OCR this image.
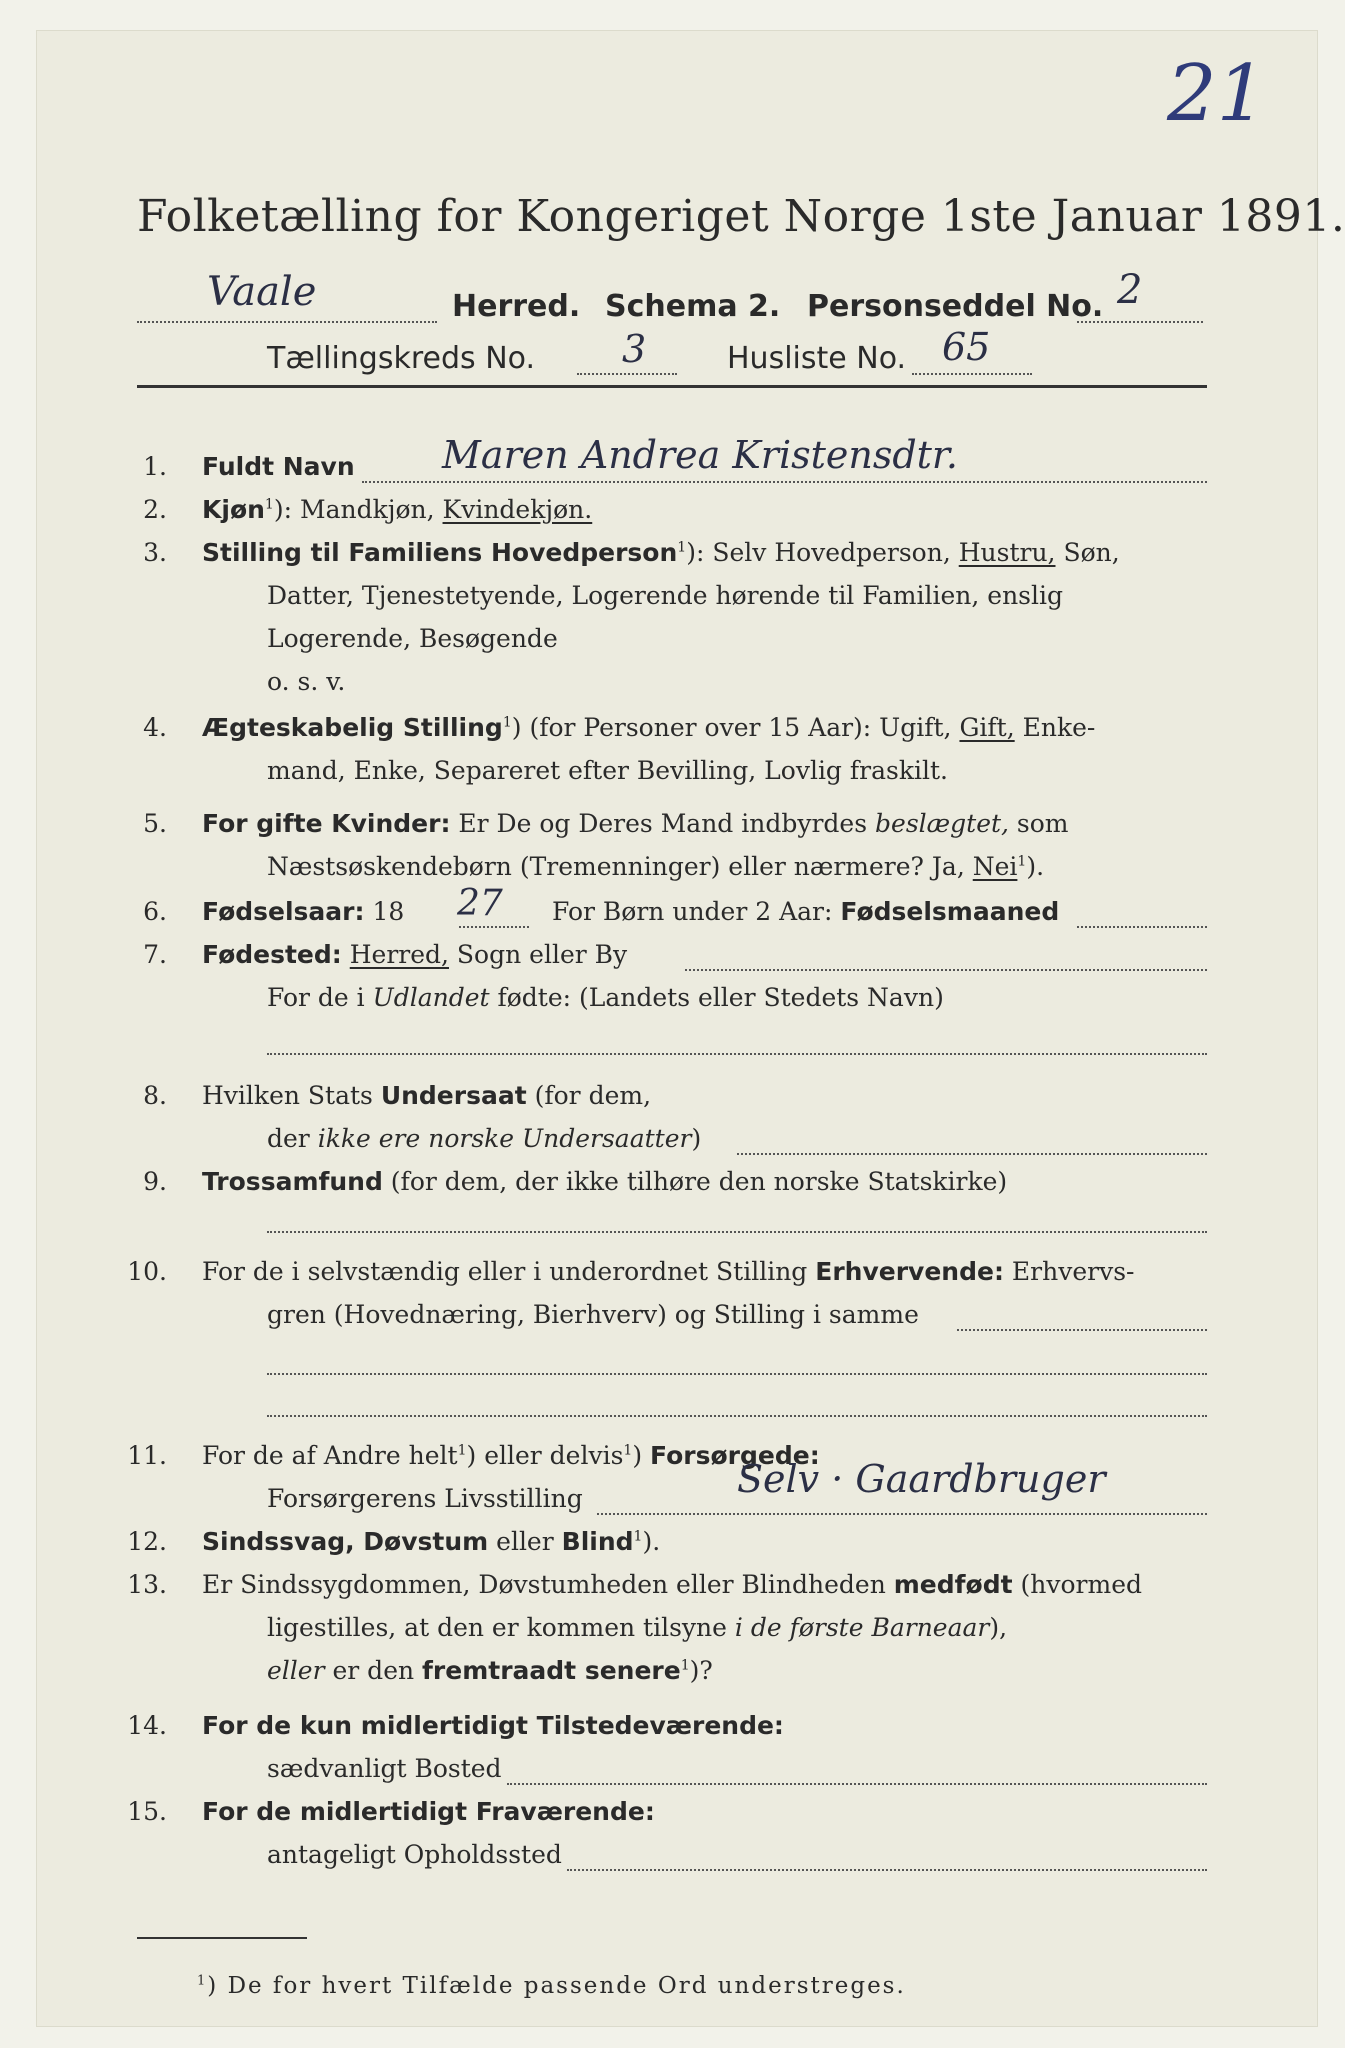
21
Folketælling for Kongeriget Norge 1ste Januar 1891.
Vaale	Herred. Schema 2. Personseddel No. 2
Tællingskreds No. 3	Husliste No. 65
1. Fuldt Navn Maren Andrea Kristensdtr.
2. Kjøn$^1$): Mandkjøn, Kvindekjøn.
3. Stilling til Familiens Hovedperson$^1$): Selv Hovedperson, Hustru, Søn,
Datter, Tjenestetyende, Logerende hørende til Familien, enslig
Logerende, Besøgende
o. s. v.
4. Ægteskabelig Stilling$^1$) (for Personer over 15 Aar): Ugift, Gift, Enke-
mand, Enke, Separeret efter Bevilling, Lovlig fraskilt.
5. For gifte Kvinder: Er De og Deres Mand indbyrdes beslægtet, som
Næstsøskendebørn (Tremenninger) eller nærmere? Ja, Nei$^1$).
6. Fødselsaar: 18 27 For Børn under 2 Aar: Fødselsmaaned
7. Fødested: Herred, Sogn eller By
For de i Udlandet fødte: (Landets eller Stedets Navn)
8. Hvilken Stats Undersaat (for dem,
der ikke ere norske Undersaatter)
9. Trossamfund (for dem, der ikke tilhøre den norske Statskirke)
10. For de i selvstændig eller i underordnet Stilling Erhvervende: Erhvervs-
gren (Hovednæring, Bierhverv) og Stilling i samme
11. For de af Andre helt$^1$) eller delvis$^1$) Forsørgede:
Forsørgerens Livsstilling	Selv · Gaardbruger
12. Sindssvag, Døvstum eller Blind$^1$).
13. Er Sindssygdommen, Døvstumheden eller Blindheden medfødt (hvormed
ligestilles, at den er kommen tilsyne i de første Barneaar),
eller er den fremtraadt senere$^1$)?
14. For de kun midlertidigt Tilstedeværende:
sædvanligt Bosted
15. For de midlertidigt Fraværende:
antageligt Opholdssted
$^1$) De for hvert Tilfælde passende Ord understreges.
